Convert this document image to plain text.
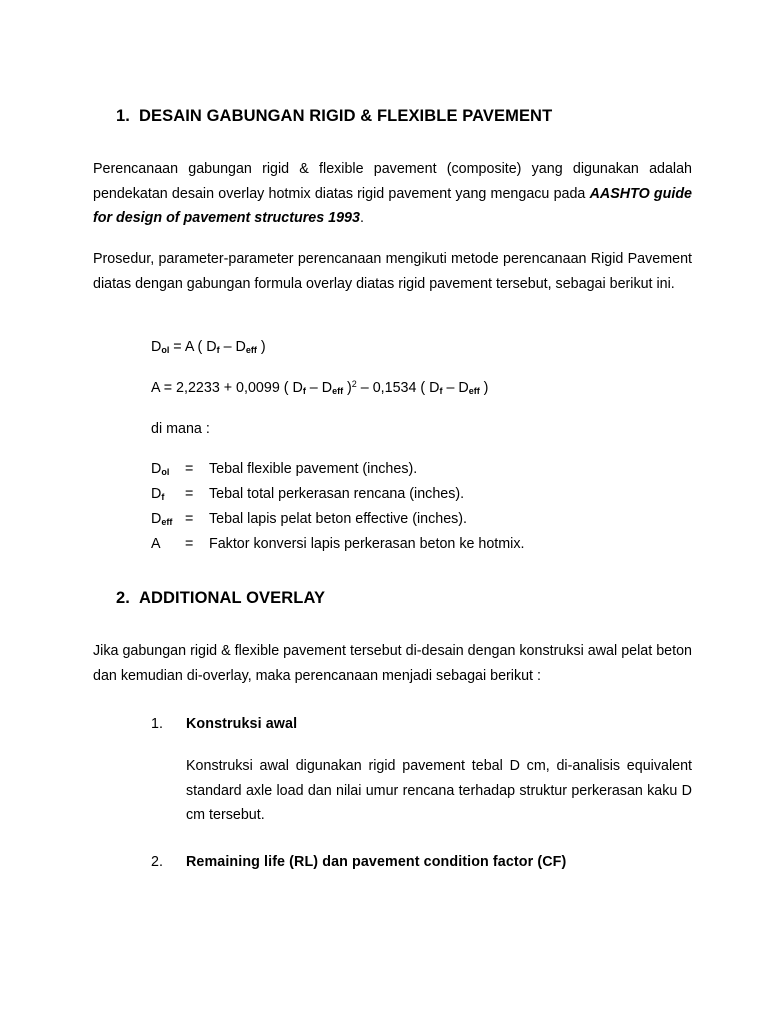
1. DESAIN GABUNGAN RIGID & FLEXIBLE PAVEMENT
Perencanaan gabungan rigid & flexible pavement (composite) yang digunakan adalah pendekatan desain overlay hotmix diatas rigid pavement yang mengacu pada AASHTO guide for design of pavement structures 1993.
Prosedur, parameter-parameter perencanaan mengikuti metode perencanaan Rigid Pavement diatas dengan gabungan formula overlay diatas rigid pavement tersebut, sebagai berikut ini.
$D_{ol} = A$ ( $D_f - D_{eff}$ )
A = 2,2233 + 0,0099 ( $D_f - D_{eff}$ )$^2$ – 0,1534 ( $D_f - D_{eff}$ )
di mana :
$D_{ol}$	=	Tebal flexible pavement (inches).
$D_f$	=	Tebal total perkerasan rencana (inches).
$D_{eff}$ =	Tebal lapis pelat beton effective (inches).
A	=	Faktor konversi lapis perkerasan beton ke hotmix.
2. ADDITIONAL OVERLAY
Jika gabungan rigid & flexible pavement tersebut di-desain dengan konstruksi awal pelat beton dan kemudian di-overlay, maka perencanaan menjadi sebagai berikut :
1. Konstruksi awal
Konstruksi awal digunakan rigid pavement tebal D cm, di-analisis equivalent standard axle load dan nilai umur rencana terhadap struktur perkerasan kaku D cm tersebut.
2. Remaining life (RL) dan pavement condition factor (CF)
